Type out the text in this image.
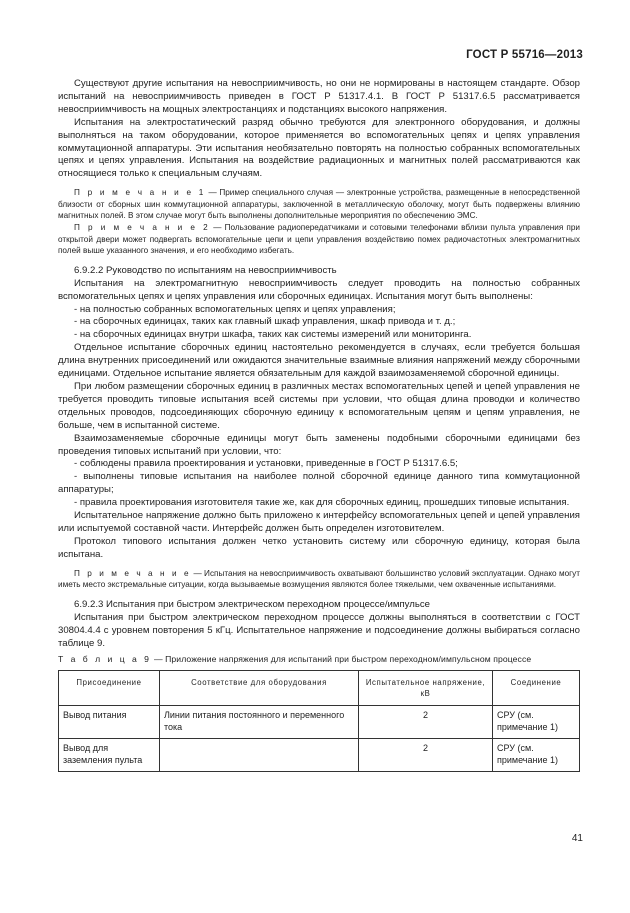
ГОСТ Р 55716—2013

Существуют другие испытания на невосприимчивость, но они не нормированы в настоящем стандарте. Обзор испытаний на невосприимчивость приведен в ГОСТ Р 51317.4.1. В ГОСТ Р 51317.6.5 рассматривается невосприимчивость на мощных электростанциях и подстанциях высокого напряжения.

Испытания на электростатический разряд обычно требуются для электронного оборудования, и должны выполняться на таком оборудовании, которое применяется во вспомогательных цепях и цепях управления коммутационной аппаратуры. Эти испытания необязательно повторять на полностью собранных вспомогательных цепях и цепях управления. Испытания на воздействие радиационных и магнитных полей рассматриваются как относящиеся только к специальным случаям.

П р и м е ч а н и е 1 — Пример специального случая — электронные устройства, размещенные в непосредственной близости от сборных шин коммутационной аппаратуры, заключенной в металлическую оболочку, могут быть подвержены влиянию магнитных полей. В этом случае могут быть выполнены дополнительные мероприятия по обеспечению ЭМС.

П р и м е ч а н и е 2 — Пользование радиопередатчиками и сотовыми телефонами вблизи пульта управления при открытой двери может подвергать вспомогательные цепи и цепи управления воздействию помех радиочастотных электромагнитных полей выше указанного значения, и его необходимо избегать.

6.9.2.2 Руководство по испытаниям на невосприимчивость

Испытания на электромагнитную невосприимчивость следует проводить на полностью собранных вспомогательных цепях и цепях управления или сборочных единицах. Испытания могут быть выполнены:

- на полностью собранных вспомогательных цепях и цепях управления;

- на сборочных единицах, таких как главный шкаф управления, шкаф привода и т. д.;

- на сборочных единицах внутри шкафа, таких как системы измерений или мониторинга.

Отдельное испытание сборочных единиц настоятельно рекомендуется в случаях, если требуется большая длина внутренних присоединений или ожидаются значительные взаимные влияния напряжений между сборочными единицами. Отдельное испытание является обязательным для каждой взаимозаменяемой сборочной единицы.

При любом размещении сборочных единиц в различных местах вспомогательных цепей и цепей управления не требуется проводить типовые испытания всей системы при условии, что общая длина проводки и количество отдельных проводов, подсоединяющих сборочную единицу к вспомогательным цепям и цепям управления, не больше, чем в испытанной системе.

Взаимозаменяемые сборочные единицы могут быть заменены подобными сборочными единицами без проведения типовых испытаний при условии, что:

- соблюдены правила проектирования и установки, приведенные в ГОСТ Р 51317.6.5;

- выполнены типовые испытания на наиболее полной сборочной единице данного типа коммутационной аппаратуры;

- правила проектирования изготовителя такие же, как для сборочных единиц, прошедших типовые испытания.

Испытательное напряжение должно быть приложено к интерфейсу вспомогательных цепей и цепей управления или испытуемой составной части. Интерфейс должен быть определен изготовителем.

Протокол типового испытания должен четко установить систему или сборочную единицу, которая была испытана.

П р и м е ч а н и е — Испытания на невосприимчивость охватывают большинство условий эксплуатации. Однако могут иметь место экстремальные ситуации, когда вызываемые возмущения являются более тяжелыми, чем охваченные испытаниями.

6.9.2.3 Испытания при быстром электрическом переходном процессе/импульсе

Испытания при быстром электрическом переходном процессе должны выполняться в соответствии с ГОСТ 30804.4.4 с уровнем повторения 5 кГц. Испытательное напряжение и подсоединение должны выбираться согласно таблице 9.

Т а б л и ц а 9 — Приложение напряжения для испытаний при быстром переходном/импульсном процессе

Присоединение	Соответствие для оборудования	Испытательное напряжение, кВ	Соединение
Вывод питания	Линии питания постоянного и переменного тока	2	СРУ (см. примечание 1)
Вывод для заземления пульта		2	СРУ (см. примечание 1)
41
